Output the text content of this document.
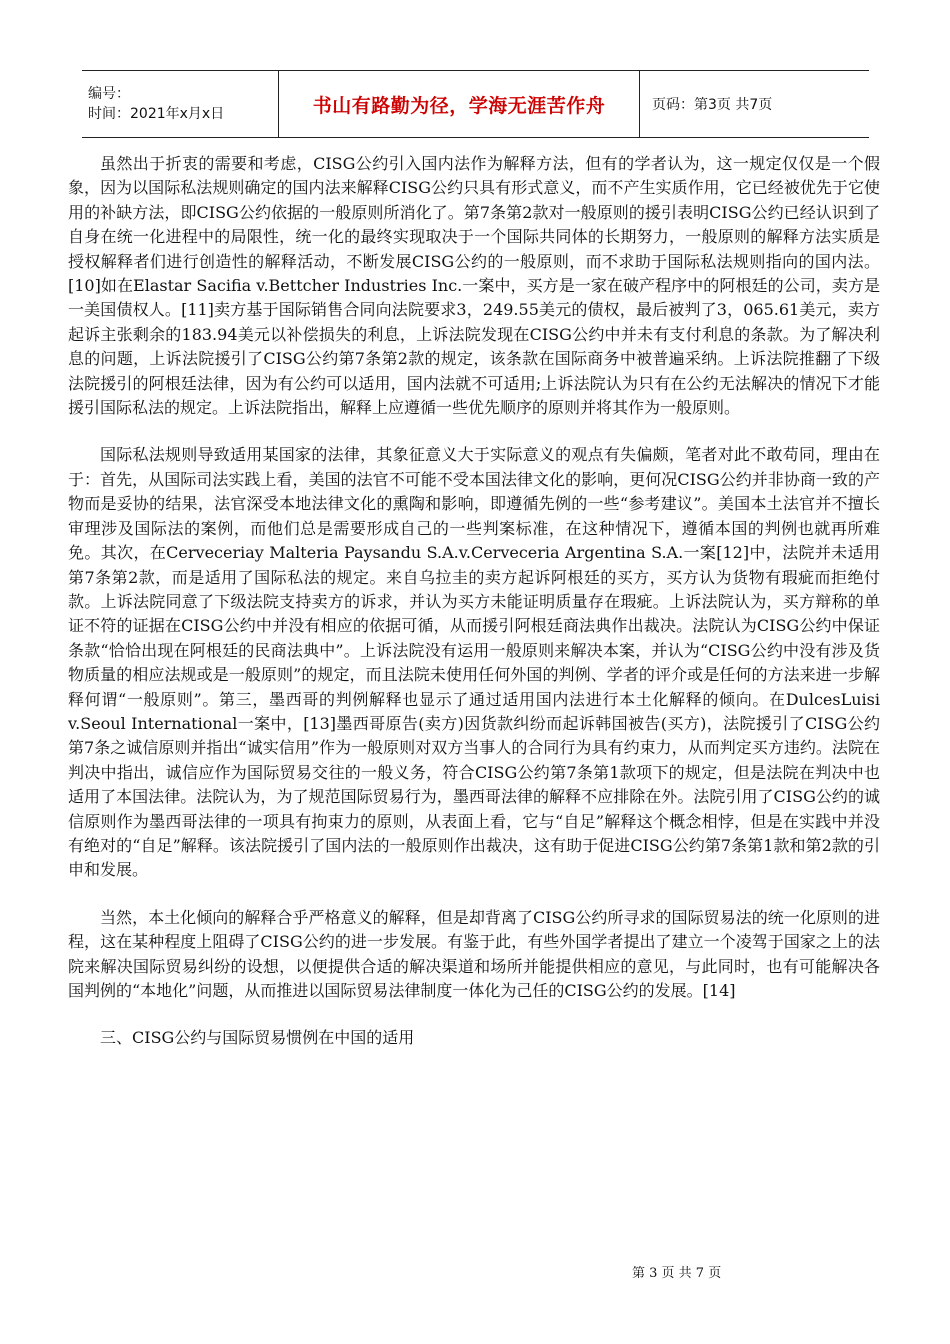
编号：
时间：2021年x月x日	书山有路勤为径，学海无涯苦作舟	页码：第3页 共7页

虽然出于折衷的需要和考虑，CISG公约引入国内法作为解释方法，但有的学者认为，这一规定仅仅是一个假象，因为以国际私法规则确定的国内法来解释CISG公约只具有形式意义，而不产生实质作用，它已经被优先于它使用的补缺方法，即CISG公约依据的一般原则所消化了。第7条第2款对一般原则的援引表明CISG公约已经认识到了自身在统一化进程中的局限性，统一化的最终实现取决于一个国际共同体的长期努力，一般原则的解释方法实质是授权解释者们进行创造性的解释活动，不断发展CISG公约的一般原则，而不求助于国际私法规则指向的国内法。[10]如在Elastar Sacifia v.Bettcher Industries Inc.一案中，买方是一家在破产程序中的阿根廷的公司，卖方是一美国债权人。[11]卖方基于国际销售合同向法院要求3，249.55美元的债权，最后被判了3，065.61美元，卖方起诉主张剩余的183.94美元以补偿损失的利息，上诉法院发现在CISG公约中并未有支付利息的条款。为了解决利息的问题，上诉法院援引了CISG公约第7条第2款的规定，该条款在国际商务中被普遍采纳。上诉法院推翻了下级法院援引的阿根廷法律，因为有公约可以适用，国内法就不可适用;上诉法院认为只有在公约无法解决的情况下才能援引国际私法的规定。上诉法院指出，解释上应遵循一些优先顺序的原则并将其作为一般原则。

国际私法规则导致适用某国家的法律，其象征意义大于实际意义的观点有失偏颇，笔者对此不敢苟同，理由在于：首先，从国际司法实践上看，美国的法官不可能不受本国法律文化的影响，更何况CISG公约并非协商一致的产物而是妥协的结果，法官深受本地法律文化的熏陶和影响，即遵循先例的一些“参考建议”。美国本土法官并不擅长审理涉及国际法的案例，而他们总是需要形成自己的一些判案标准，在这种情况下，遵循本国的判例也就再所难免。其次，在Cerveceriay Malteria Paysandu S.A.v.Cerveceria Argentina S.A.一案[12]中，法院并未适用第7条第2款，而是适用了国际私法的规定。来自乌拉圭的卖方起诉阿根廷的买方，买方认为货物有瑕疵而拒绝付款。上诉法院同意了下级法院支持卖方的诉求，并认为买方未能证明质量存在瑕疵。上诉法院认为，买方辩称的单证不符的证据在CISG公约中并没有相应的依据可循，从而援引阿根廷商法典作出裁决。法院认为CISG公约中保证条款“恰恰出现在阿根廷的民商法典中”。上诉法院没有运用一般原则来解决本案，并认为“CISG公约中没有涉及货物质量的相应法规或是一般原则”的规定，而且法院未使用任何外国的判例、学者的评介或是任何的方法来进一步解释何谓“一般原则”。第三，墨西哥的判例解释也显示了通过适用国内法进行本土化解释的倾向。在DulcesLuisi v.Seoul International一案中，[13]墨西哥原告(卖方)因货款纠纷而起诉韩国被告(买方)，法院援引了CISG公约第7条之诚信原则并指出“诚实信用”作为一般原则对双方当事人的合同行为具有约束力，从而判定买方违约。法院在判决中指出，诚信应作为国际贸易交往的一般义务，符合CISG公约第7条第1款项下的规定，但是法院在判决中也适用了本国法律。法院认为，为了规范国际贸易行为，墨西哥法律的解释不应排除在外。法院引用了CISG公约的诚信原则作为墨西哥法律的一项具有拘束力的原则，从表面上看，它与“自足”解释这个概念相悖，但是在实践中并没有绝对的“自足”解释。该法院援引了国内法的一般原则作出裁决，这有助于促进CISG公约第7条第1款和第2款的引申和发展。

当然，本土化倾向的解释合乎严格意义的解释，但是却背离了CISG公约所寻求的国际贸易法的统一化原则的进程，这在某种程度上阻碍了CISG公约的进一步发展。有鉴于此，有些外国学者提出了建立一个凌驾于国家之上的法院来解决国际贸易纠纷的设想，以便提供合适的解决渠道和场所并能提供相应的意见，与此同时，也有可能解决各国判例的“本地化”问题，从而推进以国际贸易法律制度一体化为己任的CISG公约的发展。[14]

三、CISG公约与国际贸易惯例在中国的适用

第 3 页 共 7 页
